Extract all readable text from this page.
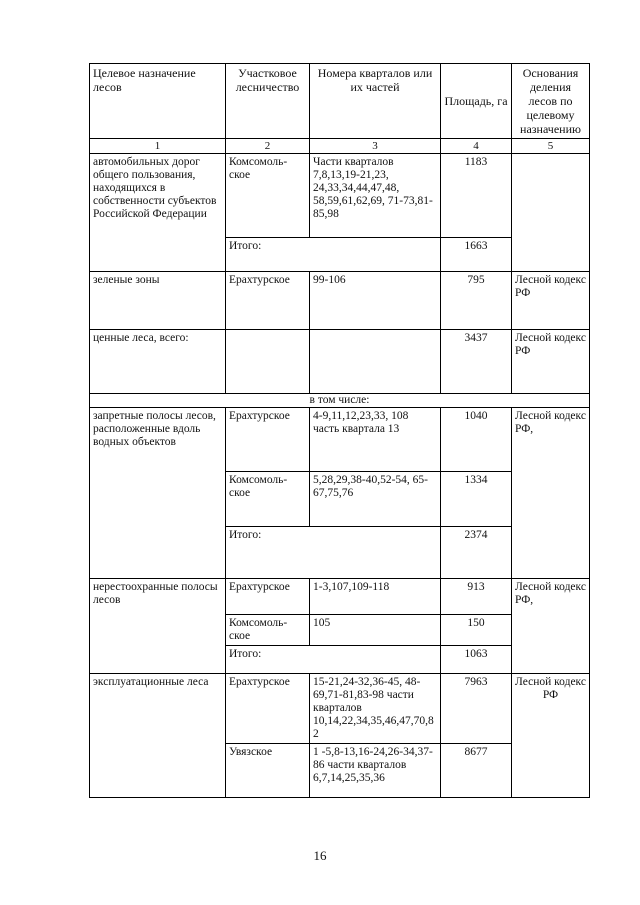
Целевое назначение лесов	Участковое лесничество	Номера кварталов или их частей	Площадь, га	Основания деления лесов по целевому назначению
1	2	3	4	5
автомобильных дорог общего пользования, находящихся в собственности субъектов Российской Федерации	Комсомоль-ское	Части кварталов 7,8,13,19-21,23, 24,33,34,44,47,48, 58,59,61,62,69, 71-73,81-85,98	1183	
	Итого:		1663	
зеленые зоны	Ерахтурское	99-106	795	Лесной кодекс РФ
ценные леса, всего:			3437	Лесной кодекс РФ
в том числе:				
запретные полосы лесов, расположенные вдоль водных объектов	Ерахтурское	4-9,11,12,23,33, 108 часть квартала 13	1040	Лесной кодекс РФ,
	Комсомоль-ское	5,28,29,38-40,52-54, 65-67,75,76	1334	
	Итого:		2374	
нерестоохранные полосы лесов	Ерахтурское	1-3,107,109-118	913	Лесной кодекс РФ,
	Комсомоль-ское	105	150	
	Итого:		1063	
эксплуатационные леса	Ерахтурское	15-21,24-32,36-45, 48-69,71-81,83-98 части кварталов 10,14,22,34,35,46,47,70,8 2	7963	Лесной кодекс РФ
	Увязское	1 -5,8-13,16-24,26-34,37-86 части кварталов 6,7,14,25,35,36	8677	
16
